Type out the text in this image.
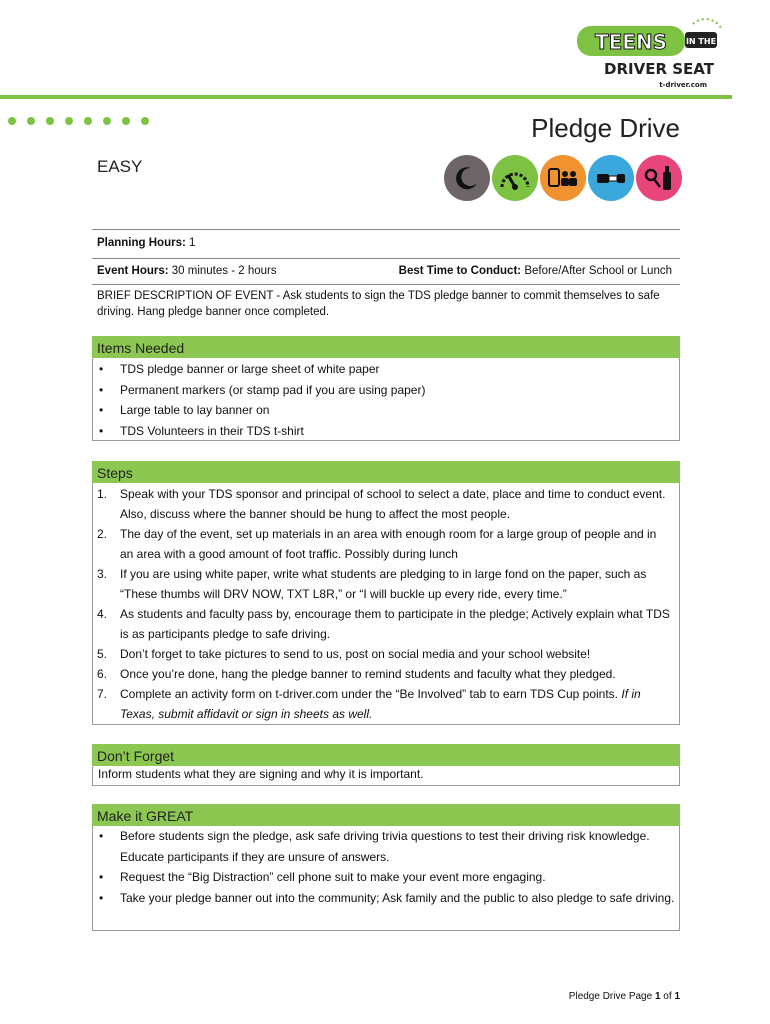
TEENS IN THE
DRIVER SEAT
t-driver.com
Pledge Drive
EASY
Planning Hours: 1
Event Hours: 30 minutes - 2 hours	Best Time to Conduct: Before/After School or Lunch
BRIEF DESCRIPTION OF EVENT - Ask students to sign the TDS pledge banner to commit themselves to safe driving. Hang pledge banner once completed.
Items Needed
• TDS pledge banner or large sheet of white paper
• Permanent markers (or stamp pad if you are using paper)
• Large table to lay banner on
• TDS Volunteers in their TDS t-shirt
Steps
1. Speak with your TDS sponsor and principal of school to select a date, place and time to conduct event. Also, discuss where the banner should be hung to affect the most people.
2. The day of the event, set up materials in an area with enough room for a large group of people and in an area with a good amount of foot traffic. Possibly during lunch
3. If you are using white paper, write what students are pledging to in large fond on the paper, such as “These thumbs will DRV NOW, TXT L8R,” or “I will buckle up every ride, every time.”
4. As students and faculty pass by, encourage them to participate in the pledge; Actively explain what TDS is as participants pledge to safe driving.
5. Don’t forget to take pictures to send to us, post on social media and your school website!
6. Once you’re done, hang the pledge banner to remind students and faculty what they pledged.
7. Complete an activity form on t-driver.com under the “Be Involved” tab to earn TDS Cup points. If in Texas, submit affidavit or sign in sheets as well.
Don’t Forget
Inform students what they are signing and why it is important.
Make it GREAT
• Before students sign the pledge, ask safe driving trivia questions to test their driving risk knowledge. Educate participants if they are unsure of answers.
• Request the “Big Distraction” cell phone suit to make your event more engaging.
• Take your pledge banner out into the community; Ask family and the public to also pledge to safe driving.
Pledge Drive Page 1 of 1
